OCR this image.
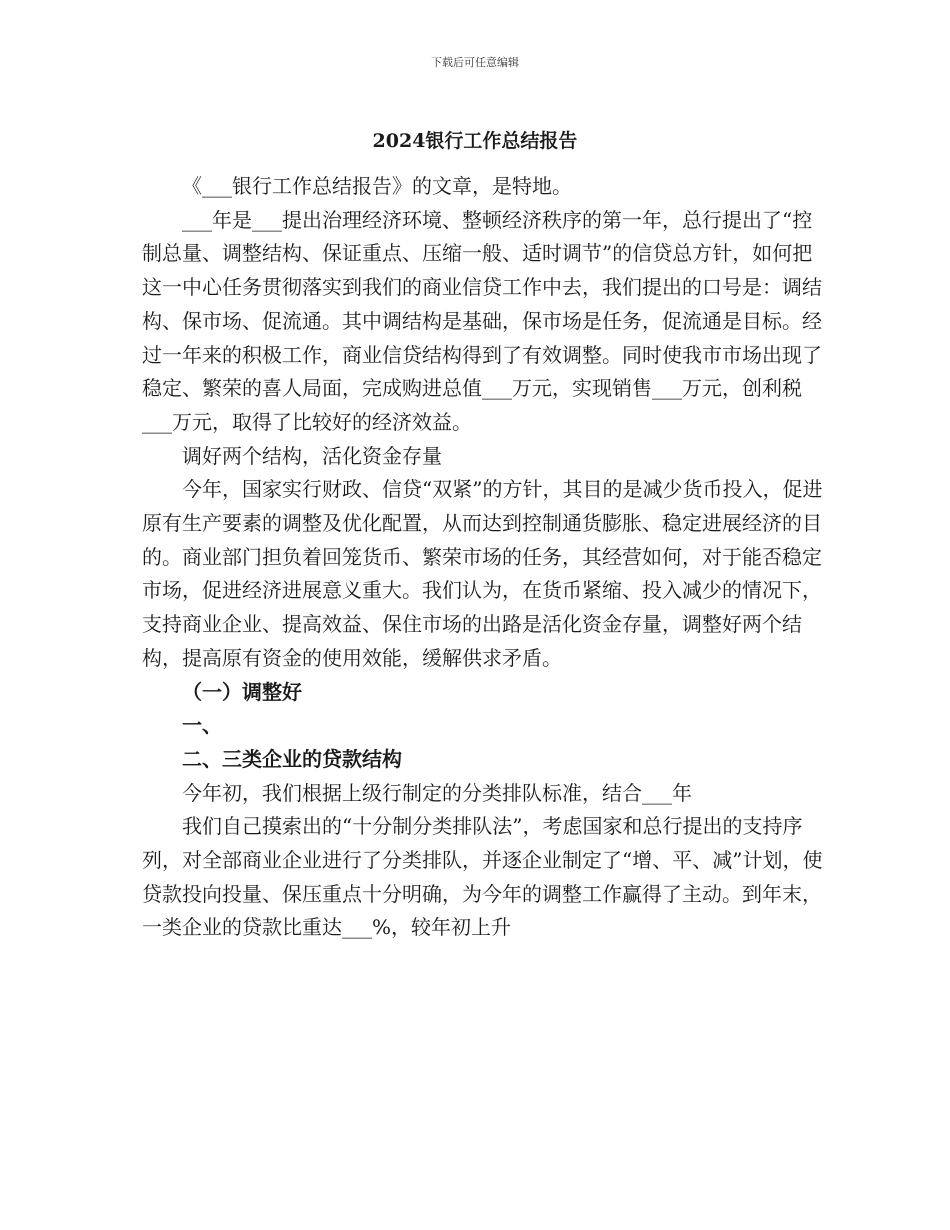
下载后可任意编辑
2024银行工作总结报告

《___银行工作总结报告》的文章，是特地。

___年是___提出治理经济环境、整顿经济秩序的第一年，总行提出了“控制总量、调整结构、保证重点、压缩一般、适时调节”的信贷总方针，如何把这一中心任务贯彻落实到我们的商业信贷工作中去，我们提出的口号是：调结构、保市场、促流通。其中调结构是基础，保市场是任务，促流通是目标。经过一年来的积极工作，商业信贷结构得到了有效调整。同时使我市市场出现了稳定、繁荣的喜人局面，完成购进总值___万元，实现销售___万元，创利税___万元，取得了比较好的经济效益。

调好两个结构，活化资金存量

今年，国家实行财政、信贷“双紧”的方针，其目的是减少货币投入，促进原有生产要素的调整及优化配置，从而达到控制通货膨胀、稳定进展经济的目的。商业部门担负着回笼货币、繁荣市场的任务，其经营如何，对于能否稳定市场，促进经济进展意义重大。我们认为，在货币紧缩、投入减少的情况下，支持商业企业、提高效益、保住市场的出路是活化资金存量，调整好两个结构，提高原有资金的使用效能，缓解供求矛盾。

（一）调整好

一、

二、三类企业的贷款结构

今年初，我们根据上级行制定的分类排队标准，结合___年

我们自己摸索出的“十分制分类排队法”，考虑国家和总行提出的支持序列，对全部商业企业进行了分类排队，并逐企业制定了“增、平、减”计划，使贷款投向投量、保压重点十分明确，为今年的调整工作赢得了主动。到年末，一类企业的贷款比重达___%，较年初上升
